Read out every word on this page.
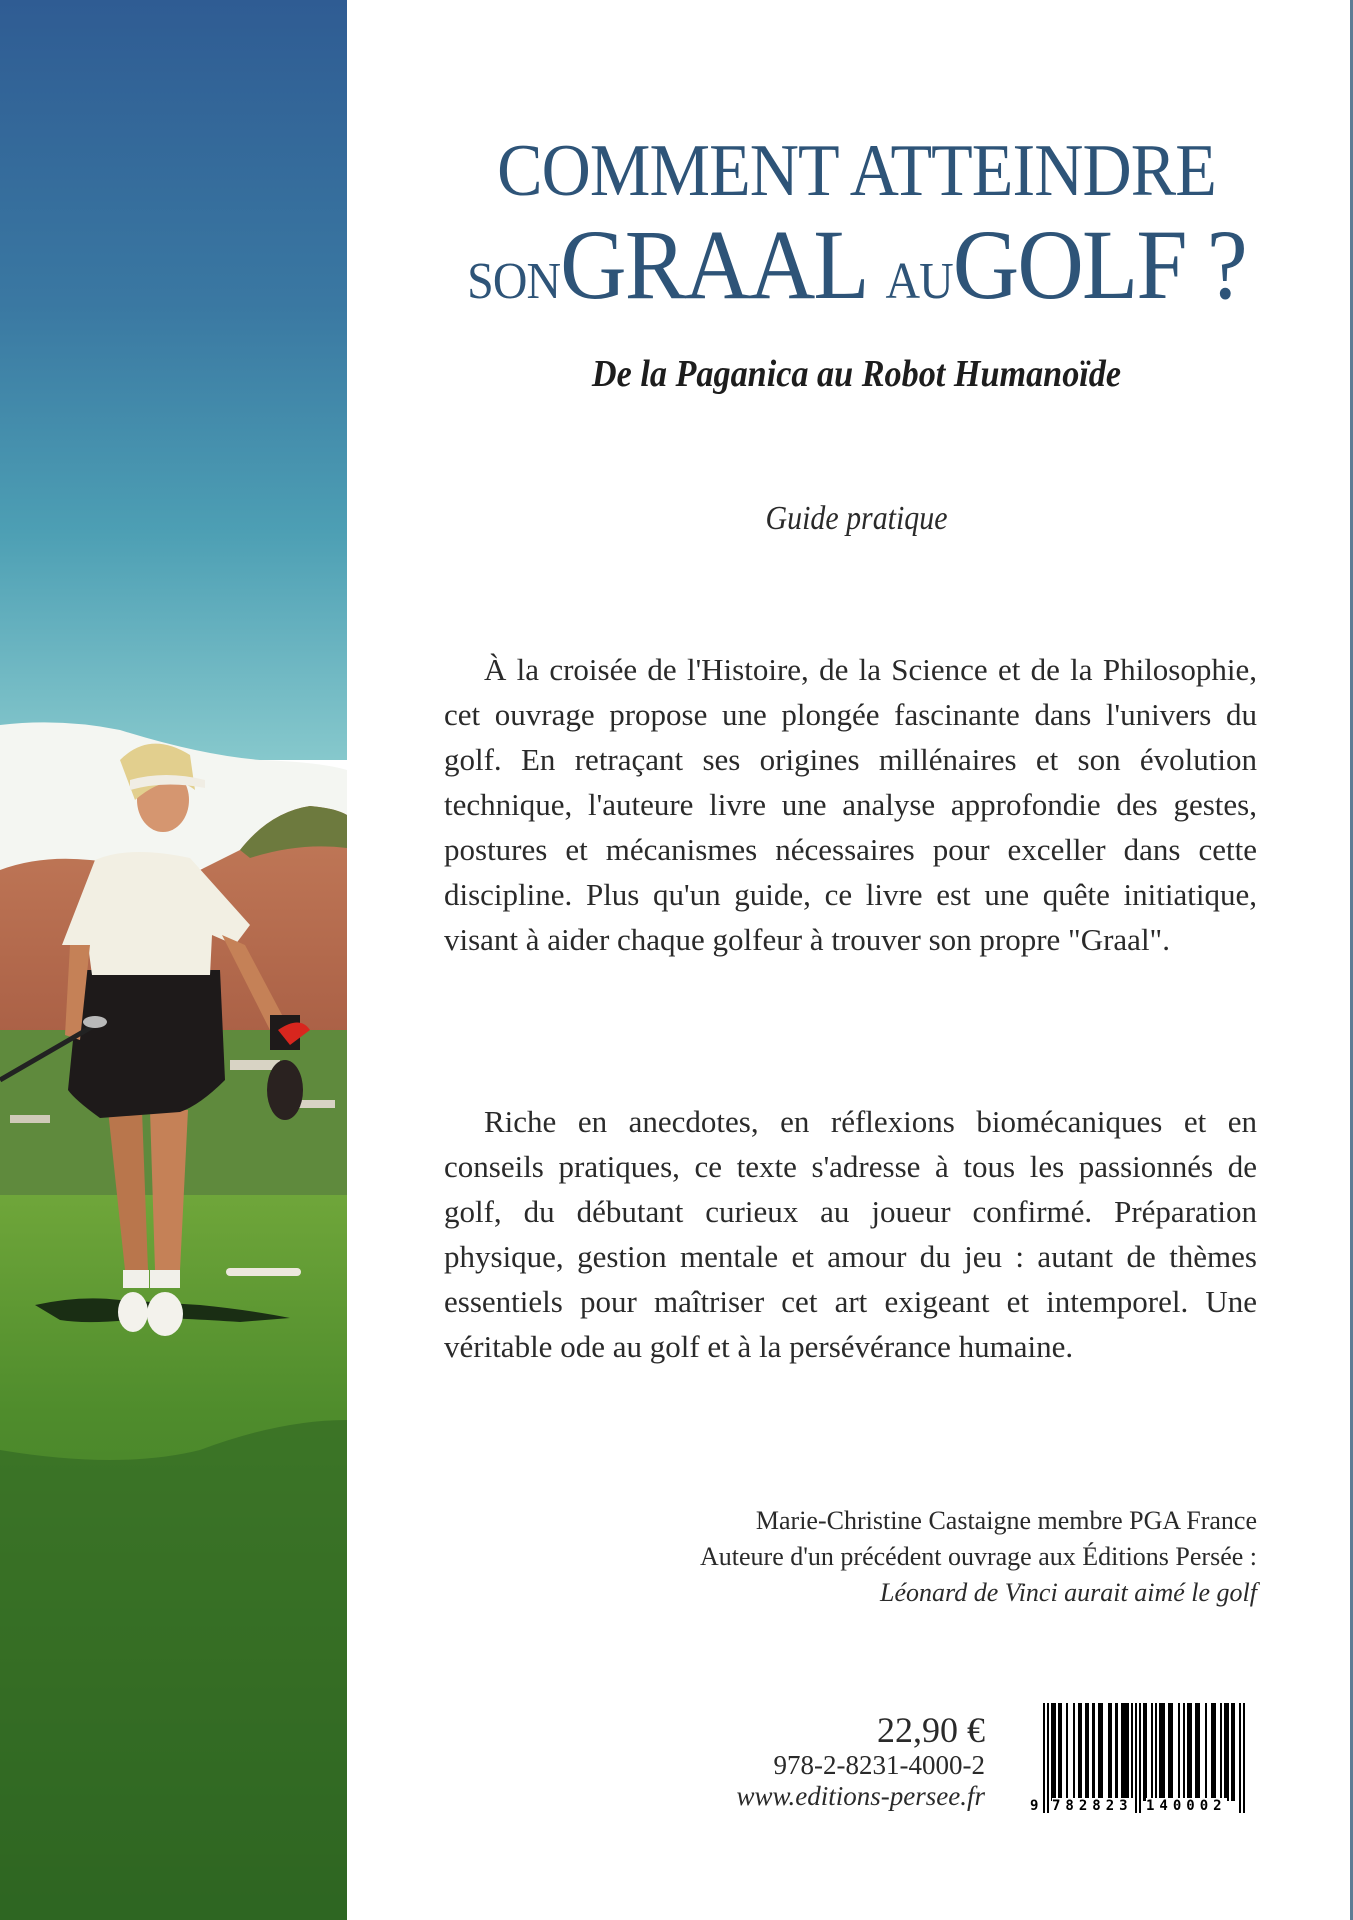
COMMENT ATTEINDRE
SONGRAAL AUGOLF ?
De la Paganica au Robot Humanoïde
Guide pratique

À la croisée de l'Histoire, de la Science et de la Philosophie, cet ouvrage propose une plongée fascinante dans l'univers du golf. En retraçant ses origines millénaires et son évolution technique, l'auteure livre une analyse approfondie des gestes, postures et mécanismes nécessaires pour exceller dans cette discipline. Plus qu'un guide, ce livre est une quête initiatique, visant à aider chaque golfeur à trouver son propre "Graal".

Riche en anecdotes, en réflexions biomécaniques et en conseils pratiques, ce texte s'adresse à tous les passionnés de golf, du débutant curieux au joueur confirmé. Préparation physique, gestion mentale et amour du jeu : autant de thèmes essentiels pour maîtriser cet art exigeant et intemporel. Une véritable ode au golf et à la persévérance humaine.

Marie-Christine Castaigne membre PGA France
Auteure d'un précédent ouvrage aux Éditions Persée :
Léonard de Vinci aurait aimé le golf
22,90 €
978-2-8231-4000-2
www.editions-persee.fr	9 782823 140002
